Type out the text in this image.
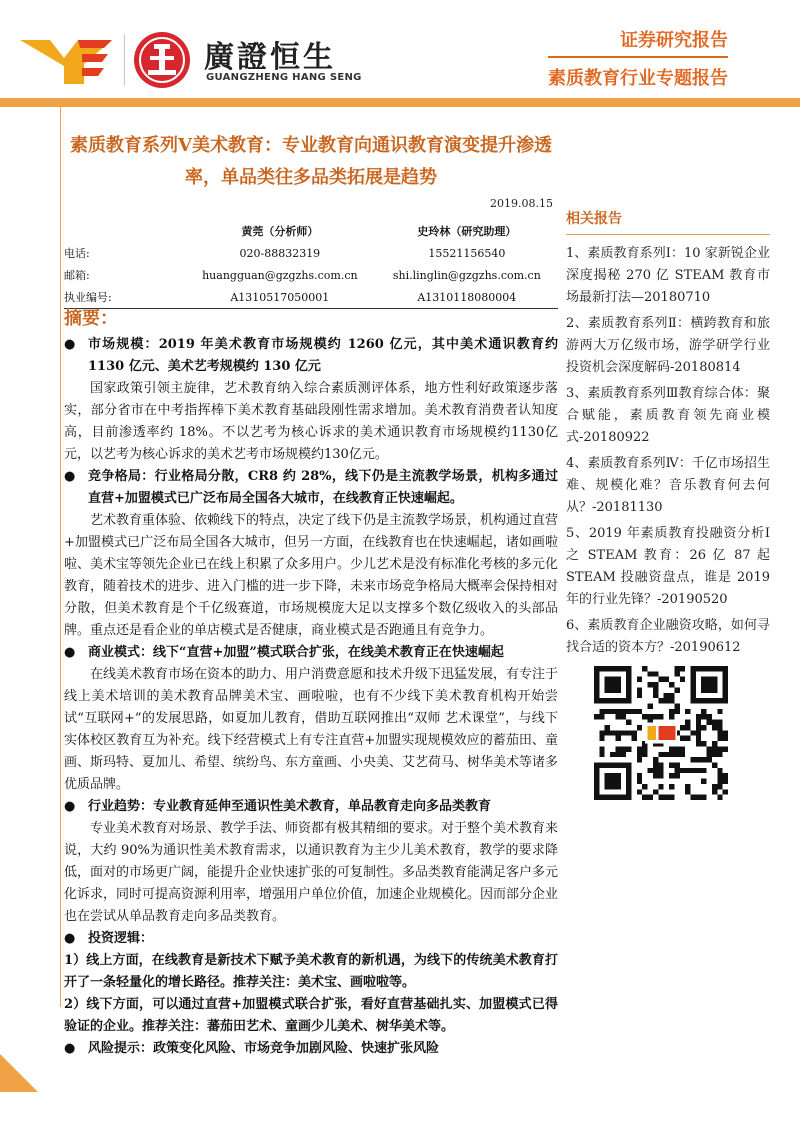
廣證恒生
GUANGZHENG HANG SENG
证券研究报告
素质教育行业专题报告
素质教育系列Ⅴ美术教育：专业教育向通识教育演变提升渗透率，单品类往多品类拓展是趋势
2019.08.15
	黄莞（分析师）	史玲林（研究助理）
电话:	020-88832319	15521156540
邮箱:	huangguan@gzgzhs.com.cn	shi.linglin@gzgzhs.com.cn
执业编号:	A1310517050001	A1310118080004
摘要：

● 市场规模：2019 年美术教育市场规模约 1260 亿元，其中美术通识教育约 1130 亿元、美术艺考规模约 130 亿元

国家政策引领主旋律，艺术教育纳入综合素质测评体系，地方性利好政策逐步落实，部分省市在中考指挥棒下美术教育基础段刚性需求增加。美术教育消费者认知度高，目前渗透率约 18%。不以艺考为核心诉求的美术通识教育市场规模约1130亿元，以艺考为核心诉求的美术艺考市场规模约130亿元。

● 竞争格局：行业格局分散，CR8 约 28%，线下仍是主流教学场景，机构多通过直营+加盟模式已广泛布局全国各大城市，在线教育正快速崛起。

艺术教育重体验、依赖线下的特点，决定了线下仍是主流教学场景，机构通过直营+加盟模式已广泛布局全国各大城市，但另一方面，在线教育也在快速崛起，诸如画啦啦、美术宝等领先企业已在线上积累了众多用户。少儿艺术是没有标准化考核的多元化教育，随着技术的进步、进入门槛的进一步下降，未来市场竞争格局大概率会保持相对分散，但美术教育是个千亿级赛道，市场规模庞大足以支撑多个数亿级收入的头部品牌。重点还是看企业的单店模式是否健康，商业模式是否跑通且有竞争力。

● 商业模式：线下“直营+加盟”模式联合扩张，在线美术教育正在快速崛起

在线美术教育市场在资本的助力、用户消费意愿和技术升级下迅猛发展，有专注于线上美术培训的美术教育品牌美术宝、画啦啦，也有不少线下美术教育机构开始尝试“互联网+”的发展思路，如夏加儿教育，借助互联网推出“双师 艺术课堂”，与线下实体校区教育互为补充。线下经营模式上有专注直营+加盟实现规模效应的蓄茄田、童画、斯玛特、夏加儿、希望、缤纷鸟、东方童画、小央美、艾艺荷马、树华美术等诸多优质品牌。

● 行业趋势：专业教育延伸至通识性美术教育，单品教育走向多品类教育

专业美术教育对场景、教学手法、师资都有极其精细的要求。对于整个美术教育来说，大约 90%为通识性美术教育需求，以通识教育为主少儿美术教育，教学的要求降低，面对的市场更广阔，能提升企业快速扩张的可复制性。多品类教育能满足客户多元化诉求，同时可提高资源利用率，增强用户单位价值，加速企业规模化。因而部分企业也在尝试从单品教育走向多品类教育。

● 投资逻辑：

1）线上方面，在线教育是新技术下赋予美术教育的新机遇，为线下的传统美术教育打开了一条轻量化的增长路径。推荐关注：美术宝、画啦啦等。

2）线下方面，可以通过直营+加盟模式联合扩张，看好直营基础扎实、加盟模式已得验证的企业。推荐关注：蕃茄田艺术、童画少儿美术、树华美术等。

● 风险提示：政策变化风险、市场竞争加剧风险、快速扩张风险

相关报告

1、素质教育系列Ⅰ：10 家新锐企业深度揭秘 270 亿 STEAM 教育市场最新打法—20180710

2、素质教育系列Ⅱ：横跨教育和旅游两大万亿级市场，游学研学行业投资机会深度解码-20180814

3、素质教育系列Ⅲ教育综合体：聚合赋能，素质教育领先商业模式-20180922

4、素质教育系列Ⅳ：千亿市场招生难、规模化难？音乐教育何去何从？-20181130

5、2019 年素质教育投融资分析Ⅰ之 STEAM 教育：26 亿 87 起 STEAM 投融资盘点，谁是 2019 年的行业先锋？-20190520

6、素质教育企业融资攻略，如何寻找合适的资本方？-20190612
